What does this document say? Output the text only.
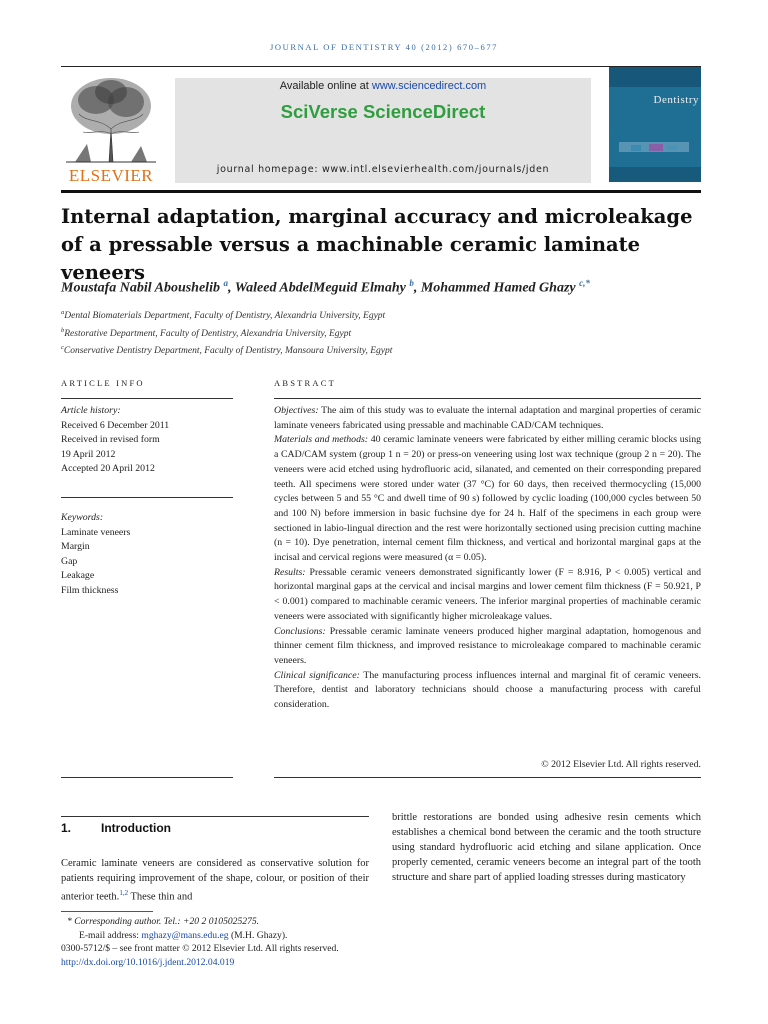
JOURNAL OF DENTISTRY 40 (2012) 670–677
ELSEVIER
Available online at www.sciencedirect.com
SciVerse ScienceDirect
journal homepage: www.intl.elsevierhealth.com/journals/jden
Dentistry
Internal adaptation, marginal accuracy and microleakage of a pressable versus a machinable ceramic laminate veneers
Moustafa Nabil Aboushelib $^a$, Waleed AbdelMeguid Elmahy $^b$, Mohammed Hamed Ghazy $^{c,*}$
$^a$Dental Biomaterials Department, Faculty of Dentistry, Alexandria University, Egypt
$^b$Restorative Department, Faculty of Dentistry, Alexandria University, Egypt
$^c$Conservative Dentistry Department, Faculty of Dentistry, Mansoura University, Egypt
ARTICLE INFO
Article history:
Received 6 December 2011
Received in revised form
19 April 2012
Accepted 20 April 2012
Keywords:
Laminate veneers
Margin
Gap
Leakage
Film thickness
ABSTRACT
Objectives: The aim of this study was to evaluate the internal adaptation and marginal properties of ceramic laminate veneers fabricated using pressable and machinable CAD/CAM techniques.
Materials and methods: 40 ceramic laminate veneers were fabricated by either milling ceramic blocks using a CAD/CAM system (group 1 n = 20) or press-on veneering using lost wax technique (group 2 n = 20). The veneers were acid etched using hydrofluoric acid, silanated, and cemented on their corresponding prepared teeth. All specimens were stored under water (37 °C) for 60 days, then received thermocycling (15,000 cycles between 5 and 55 °C and dwell time of 90 s) followed by cyclic loading (100,000 cycles between 50 and 100 N) before immersion in basic fuchsine dye for 24 h. Half of the specimens in each group were sectioned in labio-lingual direction and the rest were horizontally sectioned using precision cutting machine (n = 10). Dye penetration, internal cement film thickness, and vertical and horizontal marginal gaps at the incisal and cervical regions were measured (α = 0.05).
Results: Pressable ceramic veneers demonstrated significantly lower (F = 8.916, P < 0.005) vertical and horizontal marginal gaps at the cervical and incisal margins and lower cement film thickness (F = 50.921, P < 0.001) compared to machinable ceramic veneers. The inferior marginal properties of machinable ceramic veneers were associated with significantly higher microleakage values.
Conclusions: Pressable ceramic laminate veneers produced higher marginal adaptation, homogenous and thinner cement film thickness, and improved resistance to microleakage compared to machinable ceramic veneers.
Clinical significance: The manufacturing process influences internal and marginal fit of ceramic veneers. Therefore, dentist and laboratory technicians should choose a manufacturing process with careful consideration.
© 2012 Elsevier Ltd. All rights reserved.
1. Introduction
Ceramic laminate veneers are considered as conservative solution for patients requiring improvement of the shape, colour, or position of their anterior teeth.$^{1,2}$ These thin and
brittle restorations are bonded using adhesive resin cements which establishes a chemical bond between the ceramic and the tooth structure using standard hydrofluoric acid etching and silane application. Once properly cemented, ceramic veneers become an integral part of the tooth structure and share part of applied loading stresses during masticatory
* Corresponding author. Tel.: +20 2 0105025275.
E-mail address: mghazy@mans.edu.eg (M.H. Ghazy).
0300-5712/$ – see front matter © 2012 Elsevier Ltd. All rights reserved.
http://dx.doi.org/10.1016/j.jdent.2012.04.019
